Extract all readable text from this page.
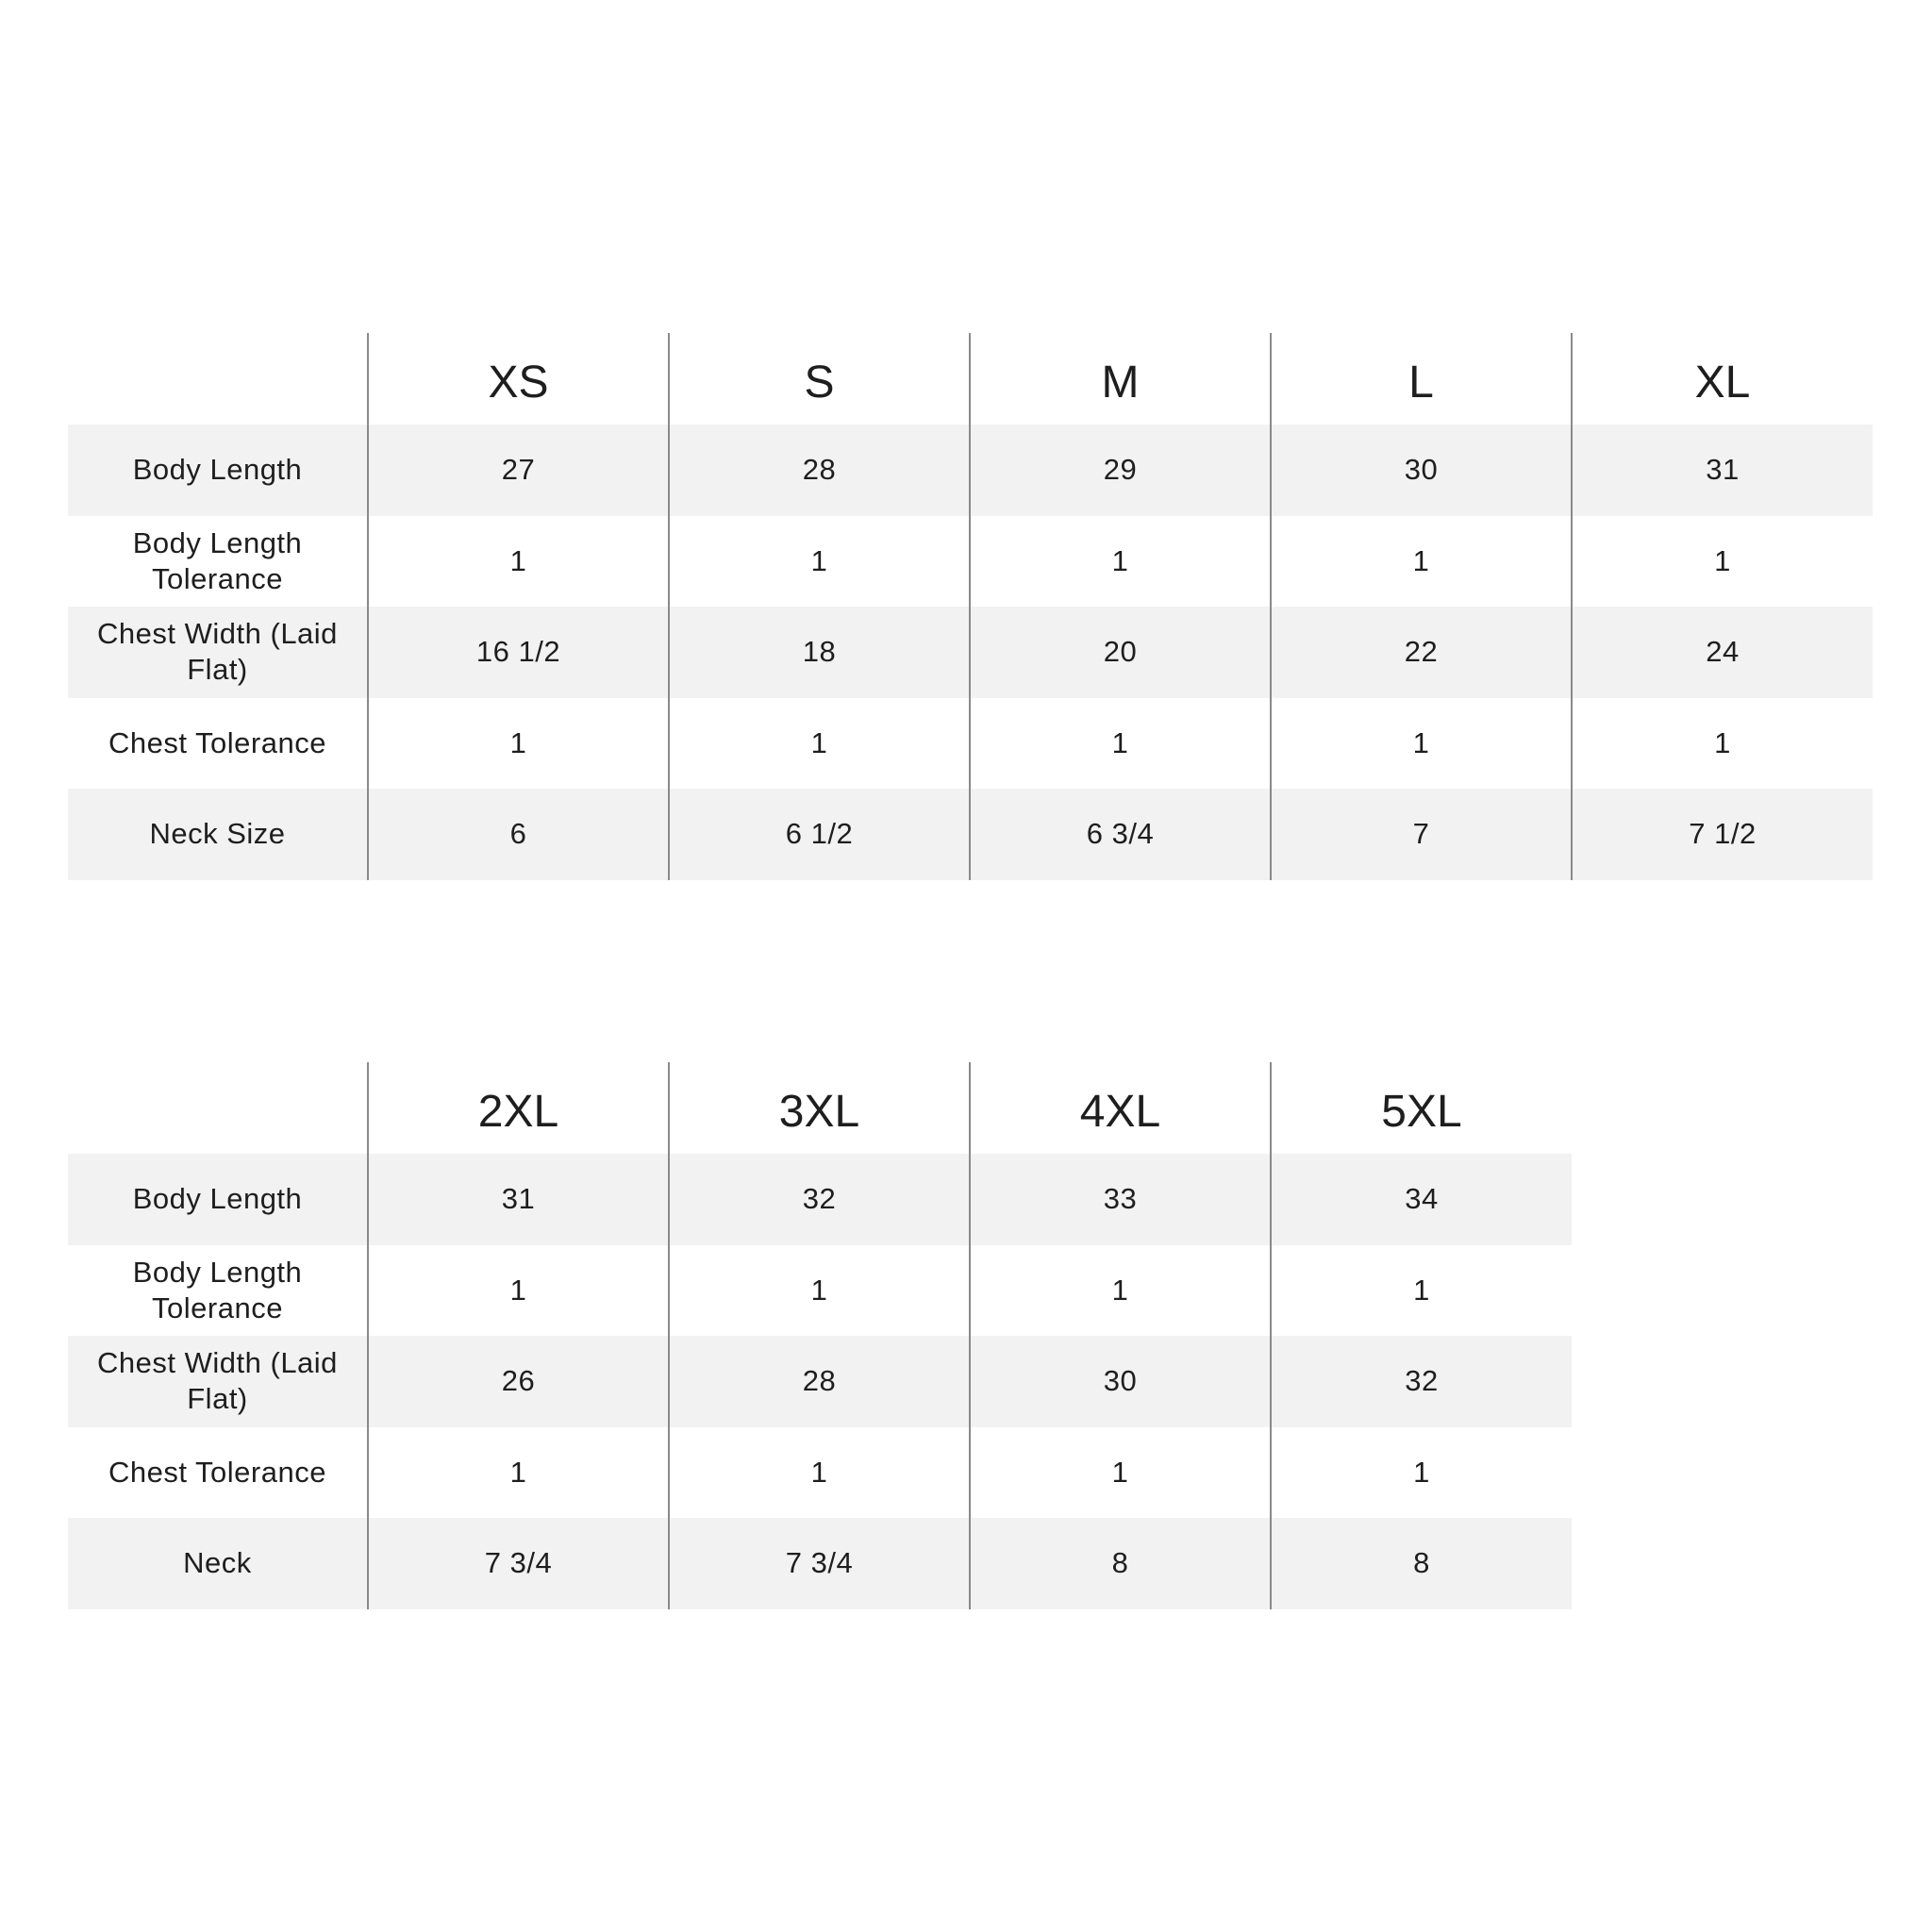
	XS	S	M	L	XL
Body Length	27	28	29	30	31
Body Length Tolerance	1	1	1	1	1
Chest Width (Laid Flat)	16 1/2	18	20	22	24
Chest Tolerance	1	1	1	1	1
Neck Size	6	6 1/2	6 3/4	7	7 1/2
	2XL	3XL	4XL	5XL
Body Length	31	32	33	34
Body Length Tolerance	1	1	1	1
Chest Width (Laid Flat)	26	28	30	32
Chest Tolerance	1	1	1	1
Neck	7 3/4	7 3/4	8	8
